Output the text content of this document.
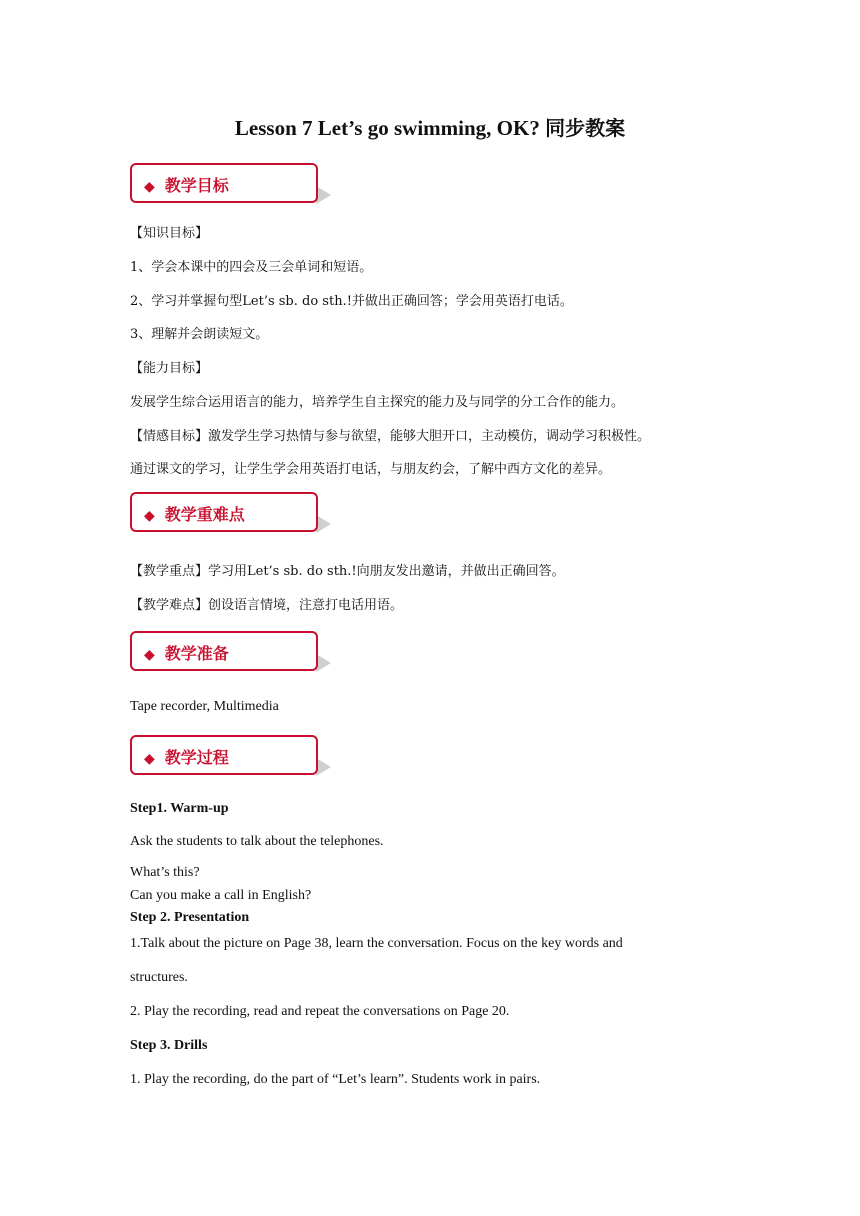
Lesson 7 Let’s go swimming, OK? 同步教案
◆ 教学目标
【知识目标】
1、学会本课中的四会及三会单词和短语。
2、学习并掌握句型Let’s sb. do sth.!并做出正确回答；学会用英语打电话。
3、理解并会朗读短文。
【能力目标】
发展学生综合运用语言的能力，培养学生自主探究的能力及与同学的分工合作的能力。
【情感目标】激发学生学习热情与参与欲望，能够大胆开口，主动模仿，调动学习积极性。
通过课文的学习，让学生学会用英语打电话，与朋友约会，了解中西方文化的差异。
◆ 教学重难点
【教学重点】学习用Let’s sb. do sth.!向朋友发出邀请，并做出正确回答。
【教学难点】创设语言情境，注意打电话用语。
◆ 教学准备
Tape recorder, Multimedia
◆ 教学过程
Step1. Warm-up
Ask the students to talk about the telephones.
What’s this?
Can you make a call in English?
Step 2. Presentation
1.Talk about the picture on Page 38, learn the conversation. Focus on the key words and
structures.
2. Play the recording, read and repeat the conversations on Page 20.
Step 3. Drills
1. Play the recording, do the part of “Let’s learn”. Students work in pairs.
